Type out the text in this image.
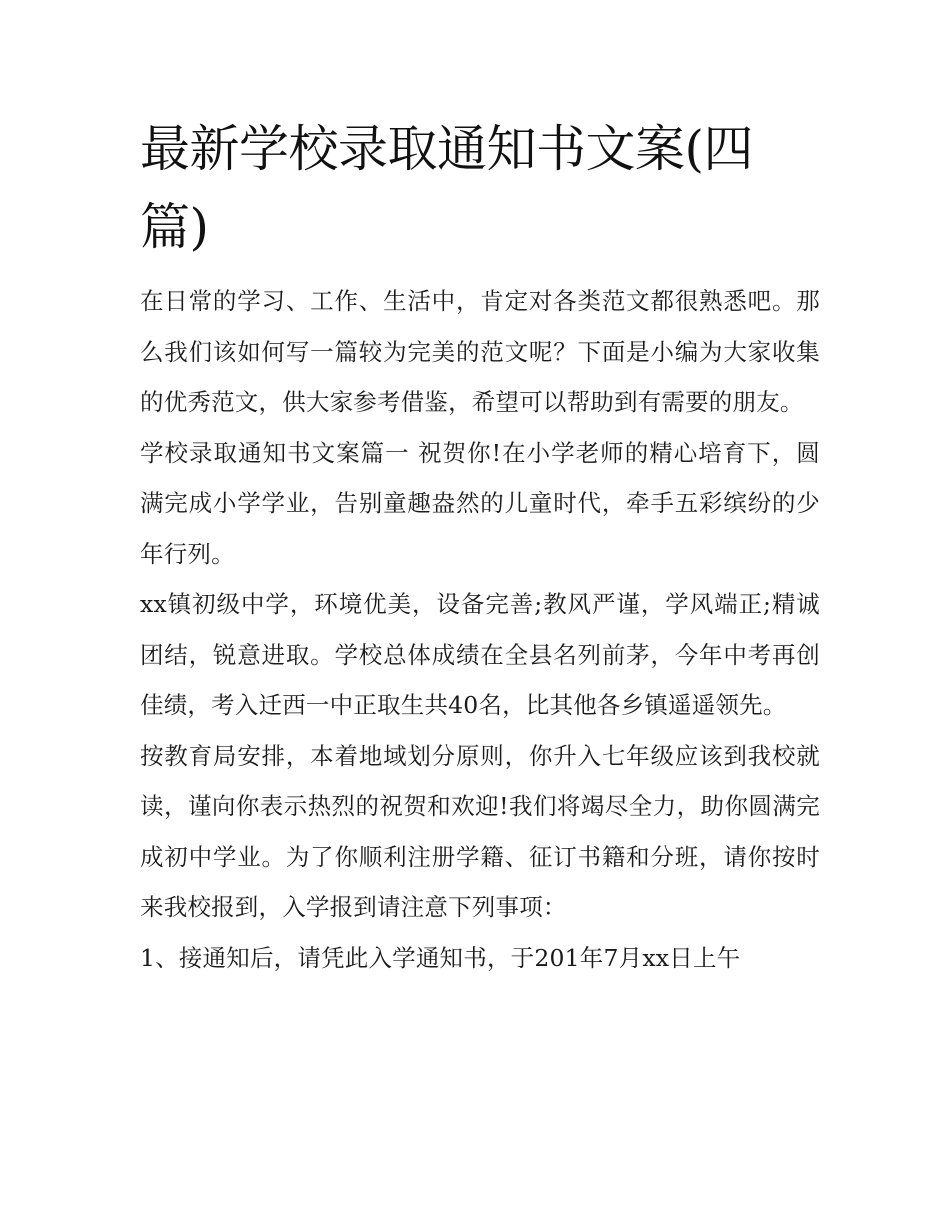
最新学校录取通知书文案(四篇)

在日常的学习、工作、生活中，肯定对各类范文都很熟悉吧。那么我们该如何写一篇较为完美的范文呢？下面是小编为大家收集的优秀范文，供大家参考借鉴，希望可以帮助到有需要的朋友。

学校录取通知书文案篇一 祝贺你!在小学老师的精心培育下，圆满完成小学学业，告别童趣盎然的儿童时代，牵手五彩缤纷的少年行列。

xx镇初级中学，环境优美，设备完善;教风严谨，学风端正;精诚团结，锐意进取。学校总体成绩在全县名列前茅，今年中考再创佳绩，考入迁西一中正取生共40名，比其他各乡镇遥遥领先。

按教育局安排，本着地域划分原则，你升入七年级应该到我校就读，谨向你表示热烈的祝贺和欢迎!我们将竭尽全力，助你圆满完成初中学业。为了你顺利注册学籍、征订书籍和分班，请你按时来我校报到，入学报到请注意下列事项：

1、接通知后，请凭此入学通知书，于201年7月xx日上午
